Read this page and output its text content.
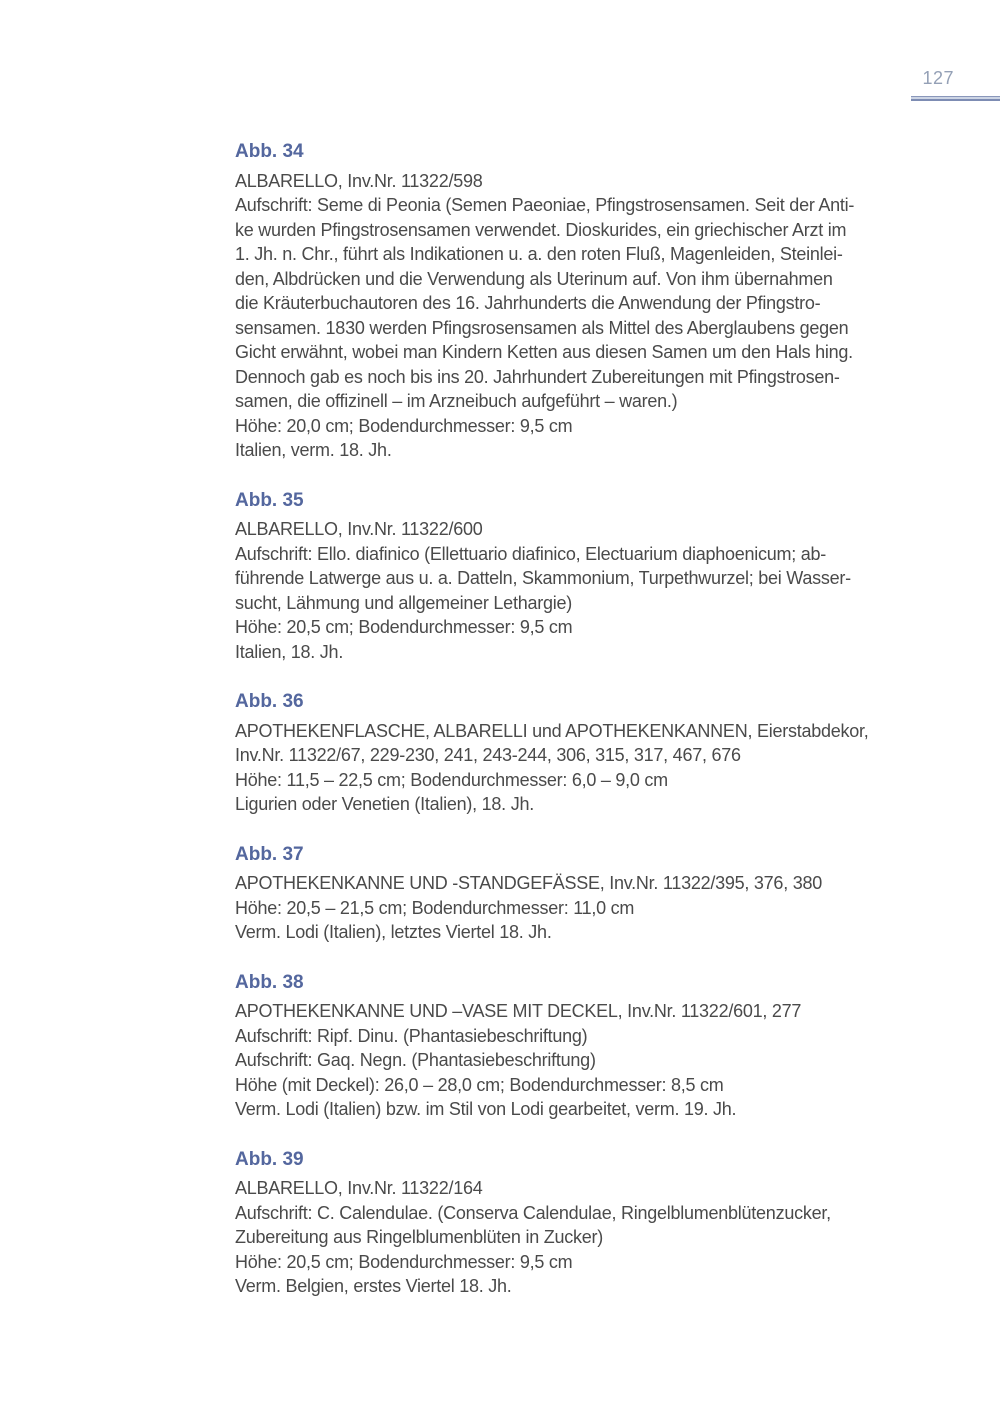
127
Abb. 34
ALBARELLO, Inv.Nr. 11322/598
Aufschrift: Seme di Peonia (Semen Paeoniae, Pfingstrosensamen. Seit der Anti-
ke wurden Pfingstrosensamen verwendet. Dioskurides, ein griechischer Arzt im
1. Jh. n. Chr., führt als Indikationen u. a. den roten Fluß, Magenleiden, Steinlei-
den, Albdrücken und die Verwendung als Uterinum auf. Von ihm übernahmen
die Kräuterbuchautoren des 16. Jahrhunderts die Anwendung der Pfingstro-
sensamen. 1830 werden Pfingsrosensamen als Mittel des Aberglaubens gegen
Gicht erwähnt, wobei man Kindern Ketten aus diesen Samen um den Hals hing.
Dennoch gab es noch bis ins 20. Jahrhundert Zubereitungen mit Pfingstrosen-
samen, die offizinell – im Arzneibuch aufgeführt – waren.)
Höhe: 20,0 cm; Bodendurchmesser: 9,5 cm
Italien, verm. 18. Jh.
Abb. 35
ALBARELLO, Inv.Nr. 11322/600
Aufschrift: Ello. diafinico (Ellettuario diafinico, Electuarium diaphoenicum; ab-
führende Latwerge aus u. a. Datteln, Skammonium, Turpethwurzel; bei Wasser-
sucht, Lähmung und allgemeiner Lethargie)
Höhe: 20,5 cm; Bodendurchmesser: 9,5 cm
Italien, 18. Jh.
Abb. 36
APOTHEKENFLASCHE, ALBARELLI und APOTHEKENKANNEN, Eierstabdekor,
Inv.Nr. 11322/67, 229-230, 241, 243-244, 306, 315, 317, 467, 676
Höhe: 11,5 – 22,5 cm; Bodendurchmesser: 6,0 – 9,0 cm
Ligurien oder Venetien (Italien), 18. Jh.
Abb. 37
APOTHEKENKANNE UND -STANDGEFÄSSE, Inv.Nr. 11322/395, 376, 380
Höhe: 20,5 – 21,5 cm; Bodendurchmesser: 11,0 cm
Verm. Lodi (Italien), letztes Viertel 18. Jh.
Abb. 38
APOTHEKENKANNE UND –VASE MIT DECKEL, Inv.Nr. 11322/601, 277
Aufschrift: Ripf. Dinu. (Phantasiebeschriftung)
Aufschrift: Gaq. Negn. (Phantasiebeschriftung)
Höhe (mit Deckel): 26,0 – 28,0 cm; Bodendurchmesser: 8,5 cm
Verm. Lodi (Italien) bzw. im Stil von Lodi gearbeitet, verm. 19. Jh.
Abb. 39
ALBARELLO, Inv.Nr. 11322/164
Aufschrift: C. Calendulae. (Conserva Calendulae, Ringelblumenblütenzucker,
Zubereitung aus Ringelblumenblüten in Zucker)
Höhe: 20,5 cm; Bodendurchmesser: 9,5 cm
Verm. Belgien, erstes Viertel 18. Jh.
